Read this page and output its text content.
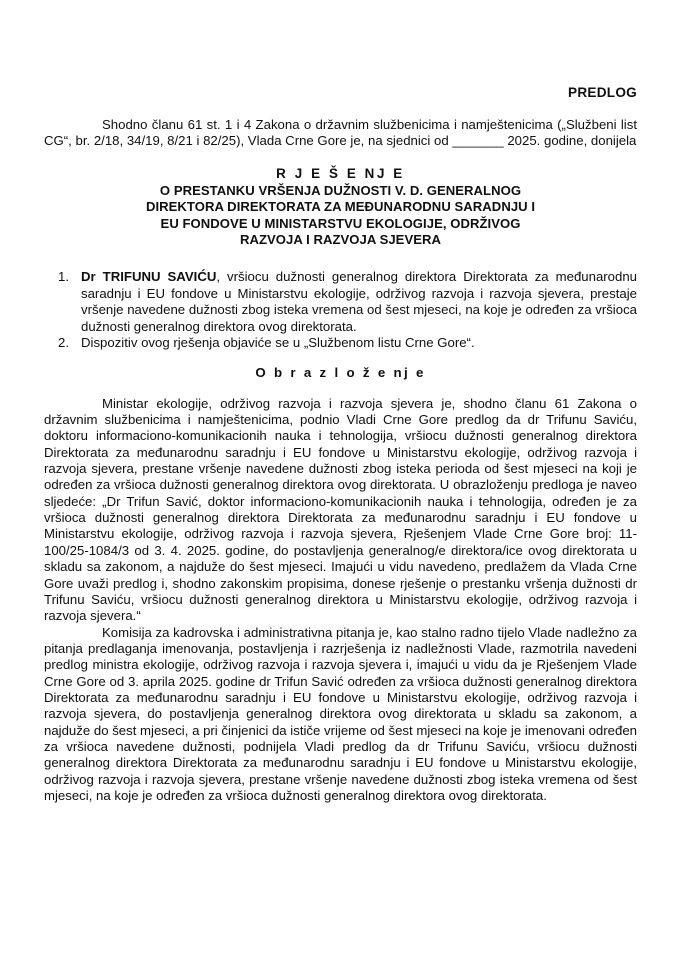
PREDLOG

Shodno članu 61 st. 1 i 4 Zakona o državnim službenicima i namještenicima („Službeni list CG“, br. 2/18, 34/19, 8/21 i 82/25), Vlada Crne Gore je, na sjednici od _______ 2025. godine, donijela

R J E Š E NJ E
O PRESTANKU VRŠENJA DUŽNOSTI V. D. GENERALNOG
DIREKTORA DIREKTORATA ZA MEĐUNARODNU SARADNJU I
EU FONDOVE U MINISTARSTVU EKOLOGIJE, ODRŽIVOG
RAZVOJA I RAZVOJA SJEVERA
1. Dr TRIFUNU SAVIĆU, vršiocu dužnosti generalnog direktora Direktorata za međunarodnu saradnju i EU fondove u Ministarstvu ekologije, održivog razvoja i razvoja sjevera, prestaje vršenje navedene dužnosti zbog isteka vremena od šest mjeseci, na koje je određen za vršioca dužnosti generalnog direktora ovog direktorata.
2. Dispozitiv ovog rješenja objaviće se u „Službenom listu Crne Gore“.
O b r a z l o ž e nj e

Ministar ekologije, održivog razvoja i razvoja sjevera je, shodno članu 61 Zakona o državnim službenicima i namještenicima, podnio Vladi Crne Gore predlog da dr Trifunu Saviću, doktoru informaciono-komunikacionih nauka i tehnologija, vršiocu dužnosti generalnog direktora Direktorata za međunarodnu saradnju i EU fondove u Ministarstvu ekologije, održivog razvoja i razvoja sjevera, prestane vršenje navedene dužnosti zbog isteka perioda od šest mjeseci na koji je određen za vršioca dužnosti generalnog direktora ovog direktorata. U obrazloženju predloga je naveo sljedeće: „Dr Trifun Savić, doktor informaciono-komunikacionih nauka i tehnologija, određen je za vršioca dužnosti generalnog direktora Direktorata za međunarodnu saradnju i EU fondove u Ministarstvu ekologije, održivog razvoja i razvoja sjevera, Rješenjem Vlade Crne Gore broj: 11-100/25-1084/3 od 3. 4. 2025. godine, do postavljenja generalnog/e direktora/ice ovog direktorata u skladu sa zakonom, a najduže do šest mjeseci. Imajući u vidu navedeno, predlažem da Vlada Crne Gore uvaži predlog i, shodno zakonskim propisima, donese rješenje o prestanku vršenja dužnosti dr Trifunu Saviću, vršiocu dužnosti generalnog direktora u Ministarstvu ekologije, održivog razvoja i razvoja sjevera.“

Komisija za kadrovska i administrativna pitanja je, kao stalno radno tijelo Vlade nadležno za pitanja predlaganja imenovanja, postavljenja i razrješenja iz nadležnosti Vlade, razmotrila navedeni predlog ministra ekologije, održivog razvoja i razvoja sjevera i, imajući u vidu da je Rješenjem Vlade Crne Gore od 3. aprila 2025. godine dr Trifun Savić određen za vršioca dužnosti generalnog direktora Direktorata za međunarodnu saradnju i EU fondove u Ministarstvu ekologije, održivog razvoja i razvoja sjevera, do postavljenja generalnog direktora ovog direktorata u skladu sa zakonom, a najduže do šest mjeseci, a pri činjenici da ističe vrijeme od šest mjeseci na koje je imenovani određen za vršioca navedene dužnosti, podnijela Vladi predlog da dr Trifunu Saviću, vršiocu dužnosti generalnog direktora Direktorata za međunarodnu saradnju i EU fondove u Ministarstvu ekologije, održivog razvoja i razvoja sjevera, prestane vršenje navedene dužnosti zbog isteka vremena od šest mjeseci, na koje je određen za vršioca dužnosti generalnog direktora ovog direktorata.
